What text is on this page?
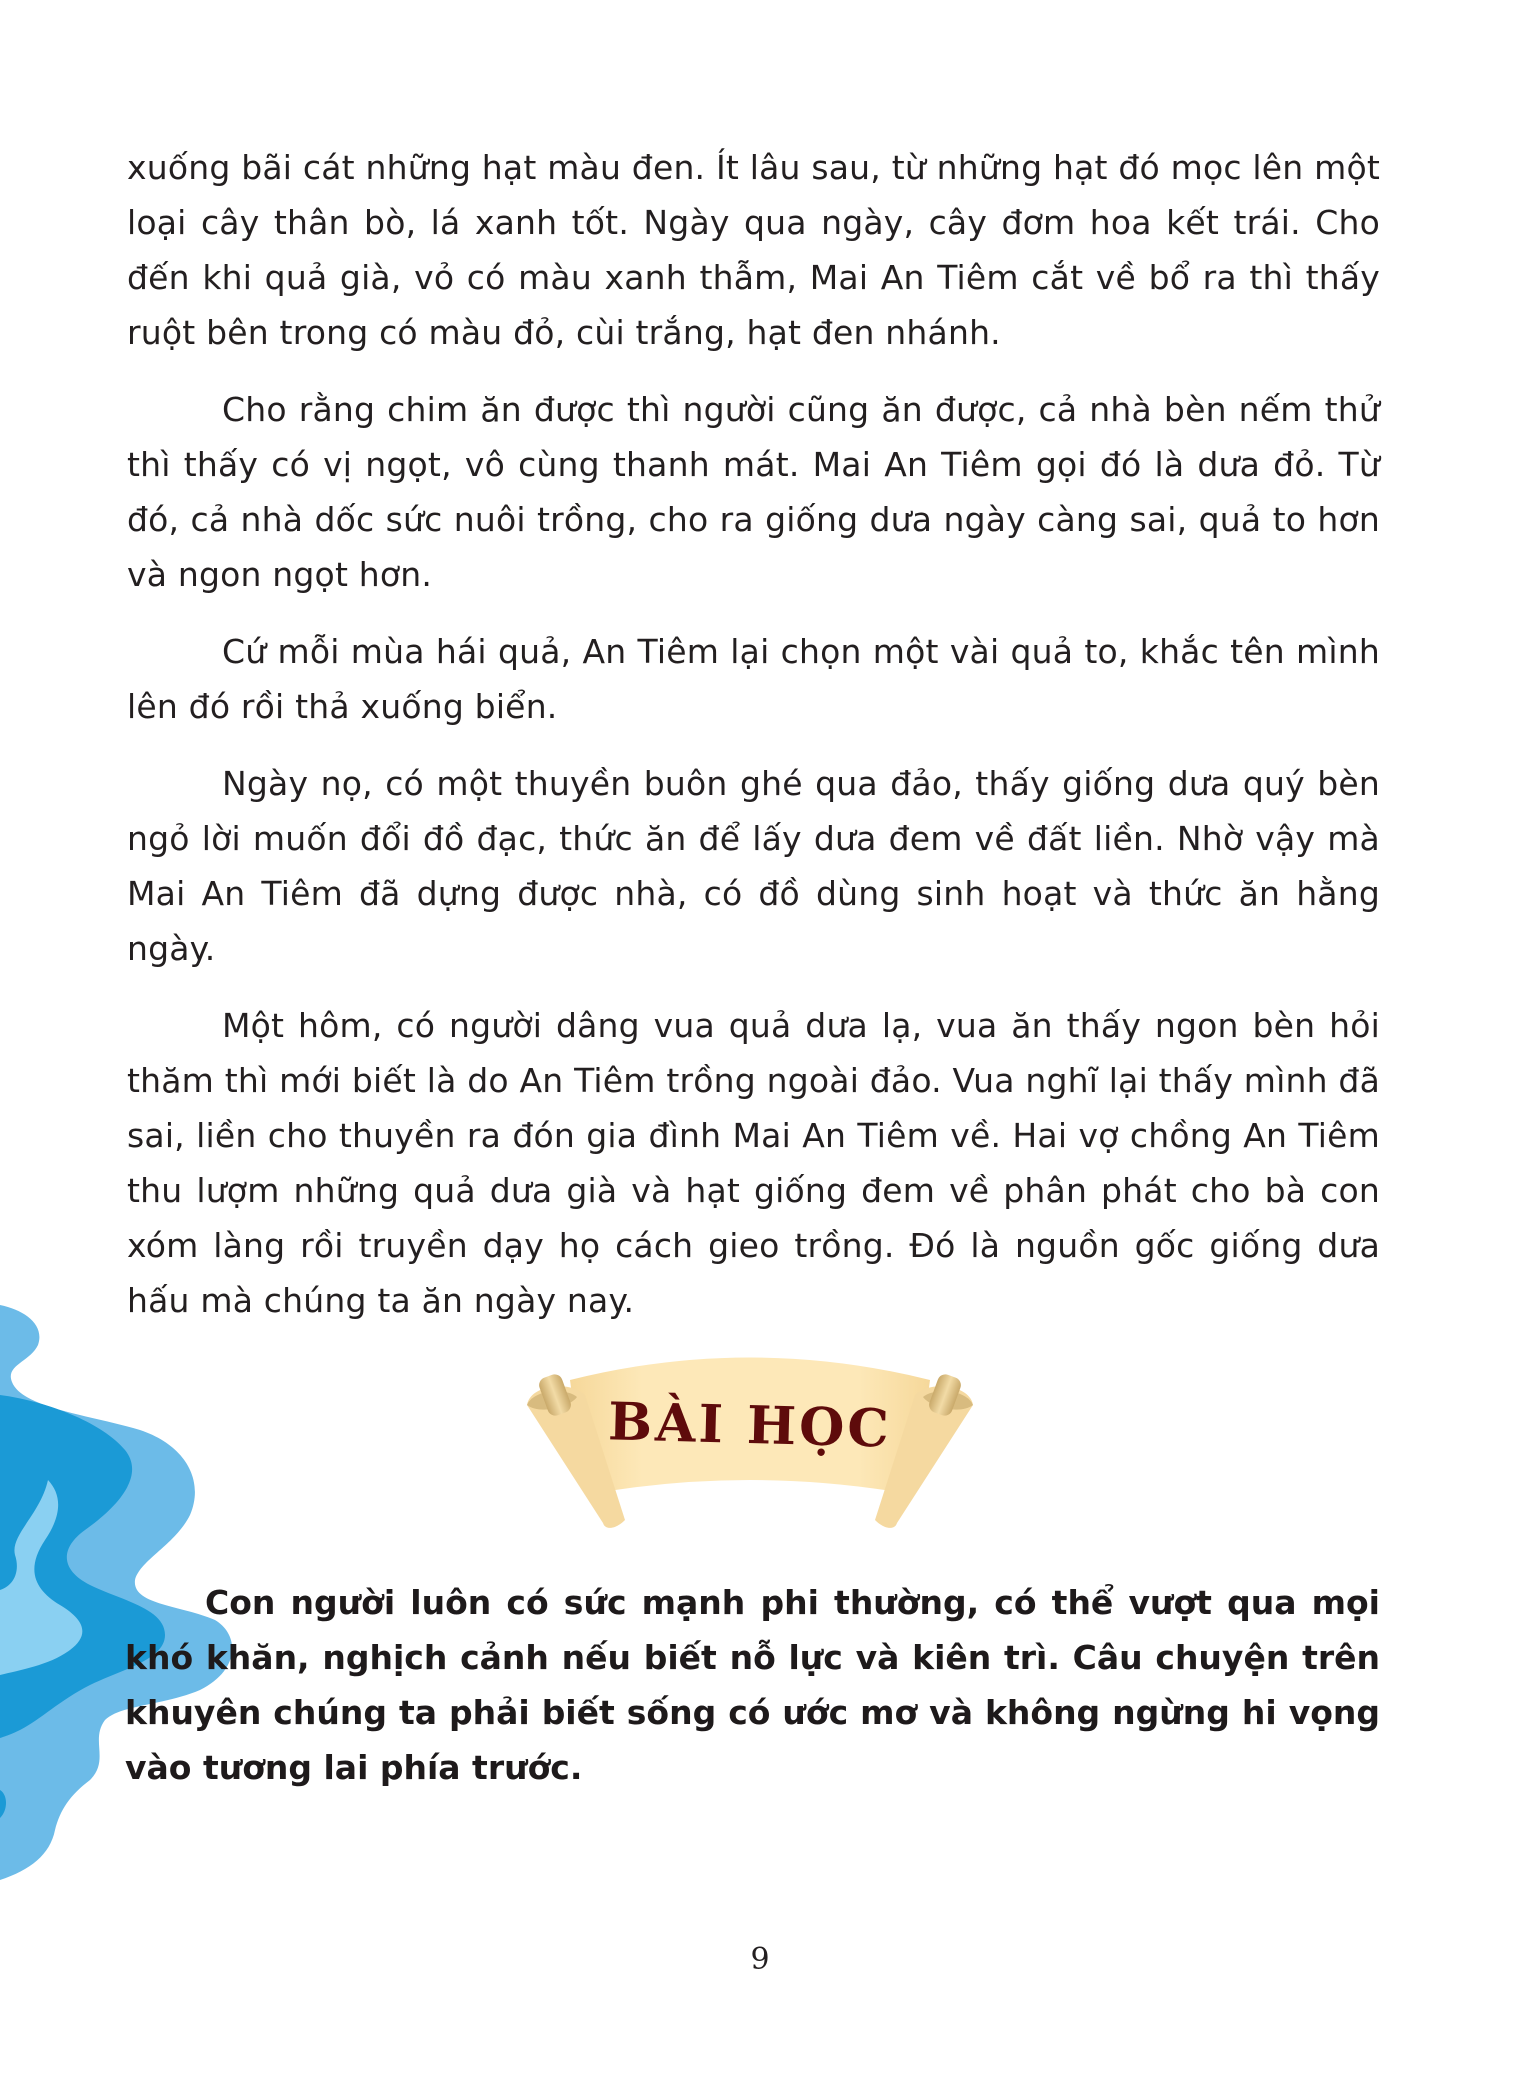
xuống bãi cát những hạt màu đen. Ít lâu sau, từ những hạt đó mọc lên một loại cây thân bò, lá xanh tốt. Ngày qua ngày, cây đơm hoa kết trái. Cho đến khi quả già, vỏ có màu xanh thẫm, Mai An Tiêm cắt về bổ ra thì thấy ruột bên trong có màu đỏ, cùi trắng, hạt đen nhánh.

Cho rằng chim ăn được thì người cũng ăn được, cả nhà bèn nếm thử thì thấy có vị ngọt, vô cùng thanh mát. Mai An Tiêm gọi đó là dưa đỏ. Từ đó, cả nhà dốc sức nuôi trồng, cho ra giống dưa ngày càng sai, quả to hơn và ngon ngọt hơn.

Cứ mỗi mùa hái quả, An Tiêm lại chọn một vài quả to, khắc tên mình lên đó rồi thả xuống biển.

Ngày nọ, có một thuyền buôn ghé qua đảo, thấy giống dưa quý bèn ngỏ lời muốn đổi đồ đạc, thức ăn để lấy dưa đem về đất liền. Nhờ vậy mà Mai An Tiêm đã dựng được nhà, có đồ dùng sinh hoạt và thức ăn hằng ngày.

Một hôm, có người dâng vua quả dưa lạ, vua ăn thấy ngon bèn hỏi thăm thì mới biết là do An Tiêm trồng ngoài đảo. Vua nghĩ lại thấy mình đã sai, liền cho thuyền ra đón gia đình Mai An Tiêm về. Hai vợ chồng An Tiêm thu lượm những quả dưa già và hạt giống đem về phân phát cho bà con xóm làng rồi truyền dạy họ cách gieo trồng. Đó là nguồn gốc giống dưa hấu mà chúng ta ăn ngày nay.

BÀI HỌC

Con người luôn có sức mạnh phi thường, có thể vượt qua mọi khó khăn, nghịch cảnh nếu biết nỗ lực và kiên trì. Câu chuyện trên khuyên chúng ta phải biết sống có ước mơ và không ngừng hi vọng vào tương lai phía trước.

9
